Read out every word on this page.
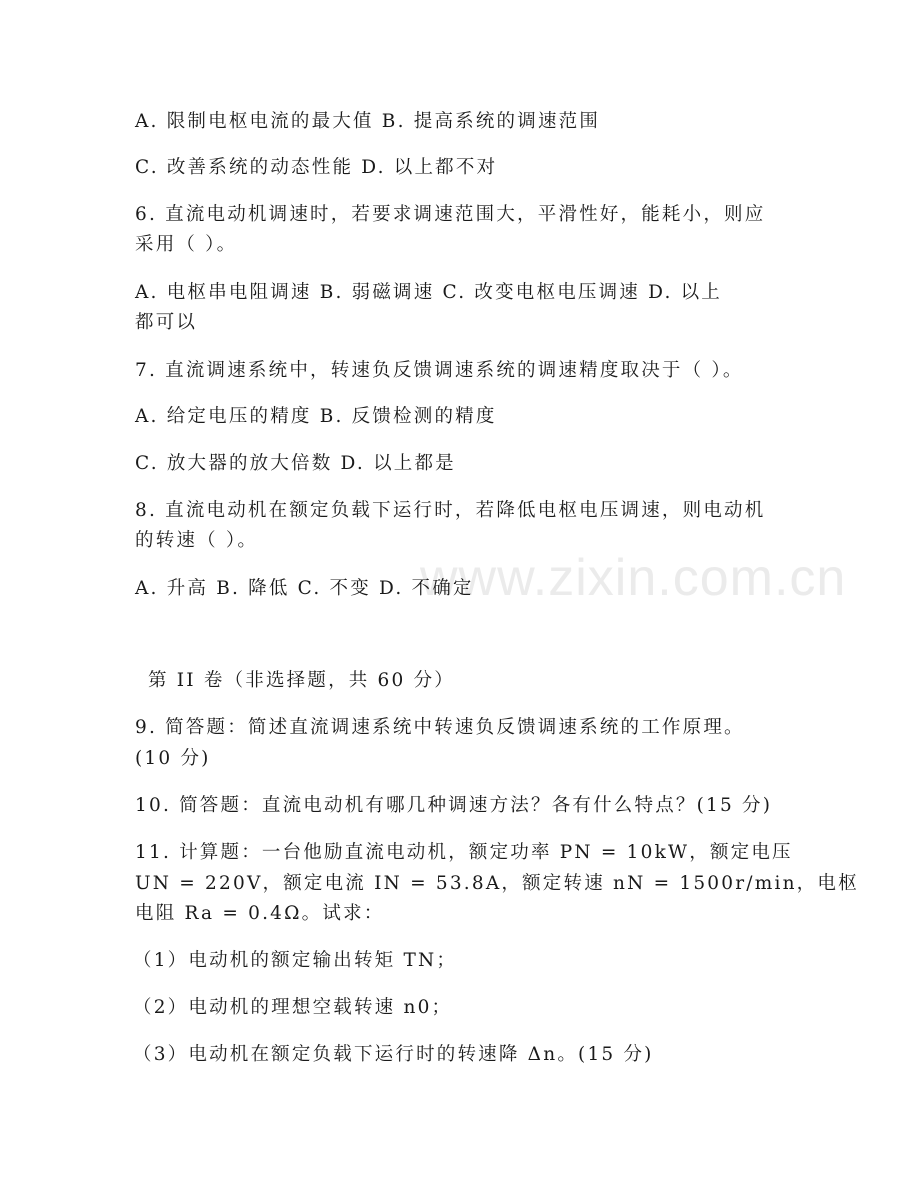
www.zixin.com.cn
A. 限制电枢电流的最大值 B. 提高系统的调速范围
C. 改善系统的动态性能 D. 以上都不对
6. 直流电动机调速时，若要求调速范围大，平滑性好，能耗小，则应
采用（ ）。
A. 电枢串电阻调速 B. 弱磁调速 C. 改变电枢电压调速 D. 以上
都可以
7. 直流调速系统中，转速负反馈调速系统的调速精度取决于（ ）。
A. 给定电压的精度 B. 反馈检测的精度
C. 放大器的放大倍数 D. 以上都是
8. 直流电动机在额定负载下运行时，若降低电枢电压调速，则电动机
的转速（ ）。
A. 升高 B. 降低 C. 不变 D. 不确定
第 II 卷（非选择题，共 60 分）
9. 简答题：简述直流调速系统中转速负反馈调速系统的工作原理。
(10 分)
10. 简答题：直流电动机有哪几种调速方法？各有什么特点？(15 分)
11. 计算题：一台他励直流电动机，额定功率 PN = 10kW，额定电压
UN = 220V，额定电流 IN = 53.8A，额定转速 nN = 1500r/min，电枢
电阻 Ra = 0.4Ω。试求：
（1）电动机的额定输出转矩 TN；
（2）电动机的理想空载转速 n0；
（3）电动机在额定负载下运行时的转速降 Δn。(15 分)
